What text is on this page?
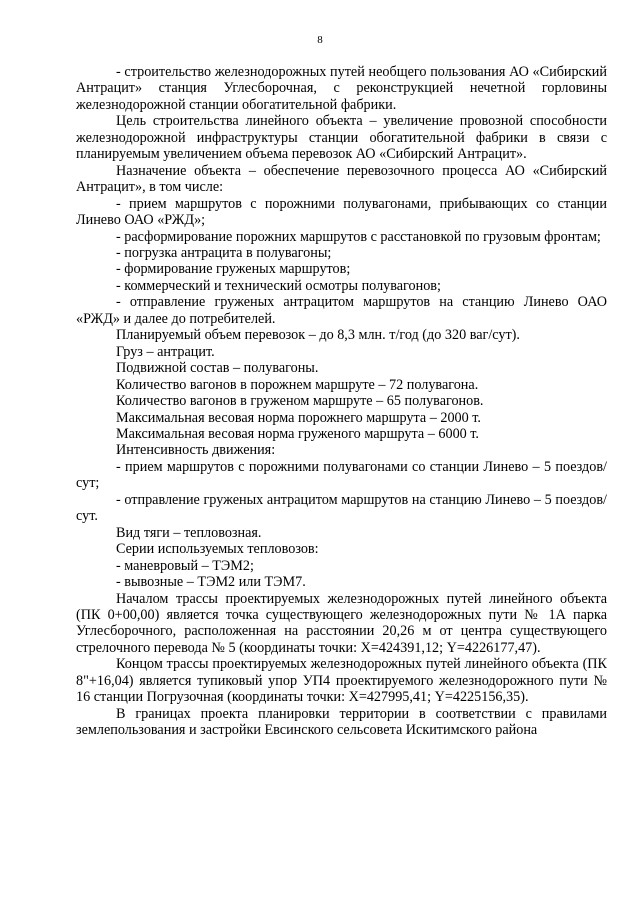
8

- строительство железнодорожных путей необщего пользования АО «Сибирский Антрацит» станция Углесборочная, с реконструкцией нечетной горловины железнодорожной станции обогатительной фабрики.

Цель строительства линейного объекта – увеличение провозной способности железнодорожной инфраструктуры станции обогатительной фабрики в связи с планируемым увеличением объема перевозок АО «Сибирский Антрацит».

Назначение объекта – обеспечение перевозочного процесса АО «Сибирский Антрацит», в том числе:

- прием маршрутов с порожними полувагонами, прибывающих со станции Линево ОАО «РЖД»;

- расформирование порожних маршрутов с расстановкой по грузовым фронтам;

- погрузка антрацита в полувагоны;

- формирование груженых маршрутов;

- коммерческий и технический осмотры полувагонов;

- отправление груженых антрацитом маршрутов на станцию Линево ОАО «РЖД» и далее до потребителей.

Планируемый объем перевозок – до 8,3 млн. т/год (до 320 ваг/сут).

Груз – антрацит.

Подвижной состав – полувагоны.

Количество вагонов в порожнем маршруте – 72 полувагона.

Количество вагонов в груженом маршруте – 65 полувагонов.

Максимальная весовая норма порожнего маршрута – 2000 т.

Максимальная весовая норма груженого маршрута – 6000 т.

Интенсивность движения:

- прием маршрутов с порожними полувагонами со станции Линево – 5 поездов/сут;

- отправление груженых антрацитом маршрутов на станцию Линево – 5 поездов/сут.

Вид тяги – тепловозная.

Серии используемых тепловозов:

- маневровый – ТЭМ2;

- вывозные – ТЭМ2 или ТЭМ7.

Началом трассы проектируемых железнодорожных путей линейного объекта (ПК 0+00,00) является точка существующего железнодорожных пути № 1А парка Углесборочного, расположенная на расстоянии 20,26 м от центра существующего стрелочного перевода № 5 (координаты точки: Х=424391,12; Y=4226177,47).

Концом трассы проектируемых железнодорожных путей линейного объекта (ПК 8"+16,04) является тупиковый упор УП4 проектируемого железнодорожного пути № 16 станции Погрузочная (координаты точки: Х=427995,41; Y=4225156,35).

В границах проекта планировки территории в соответствии с правилами землепользования и застройки Евсинского сельсовета Искитимского района
